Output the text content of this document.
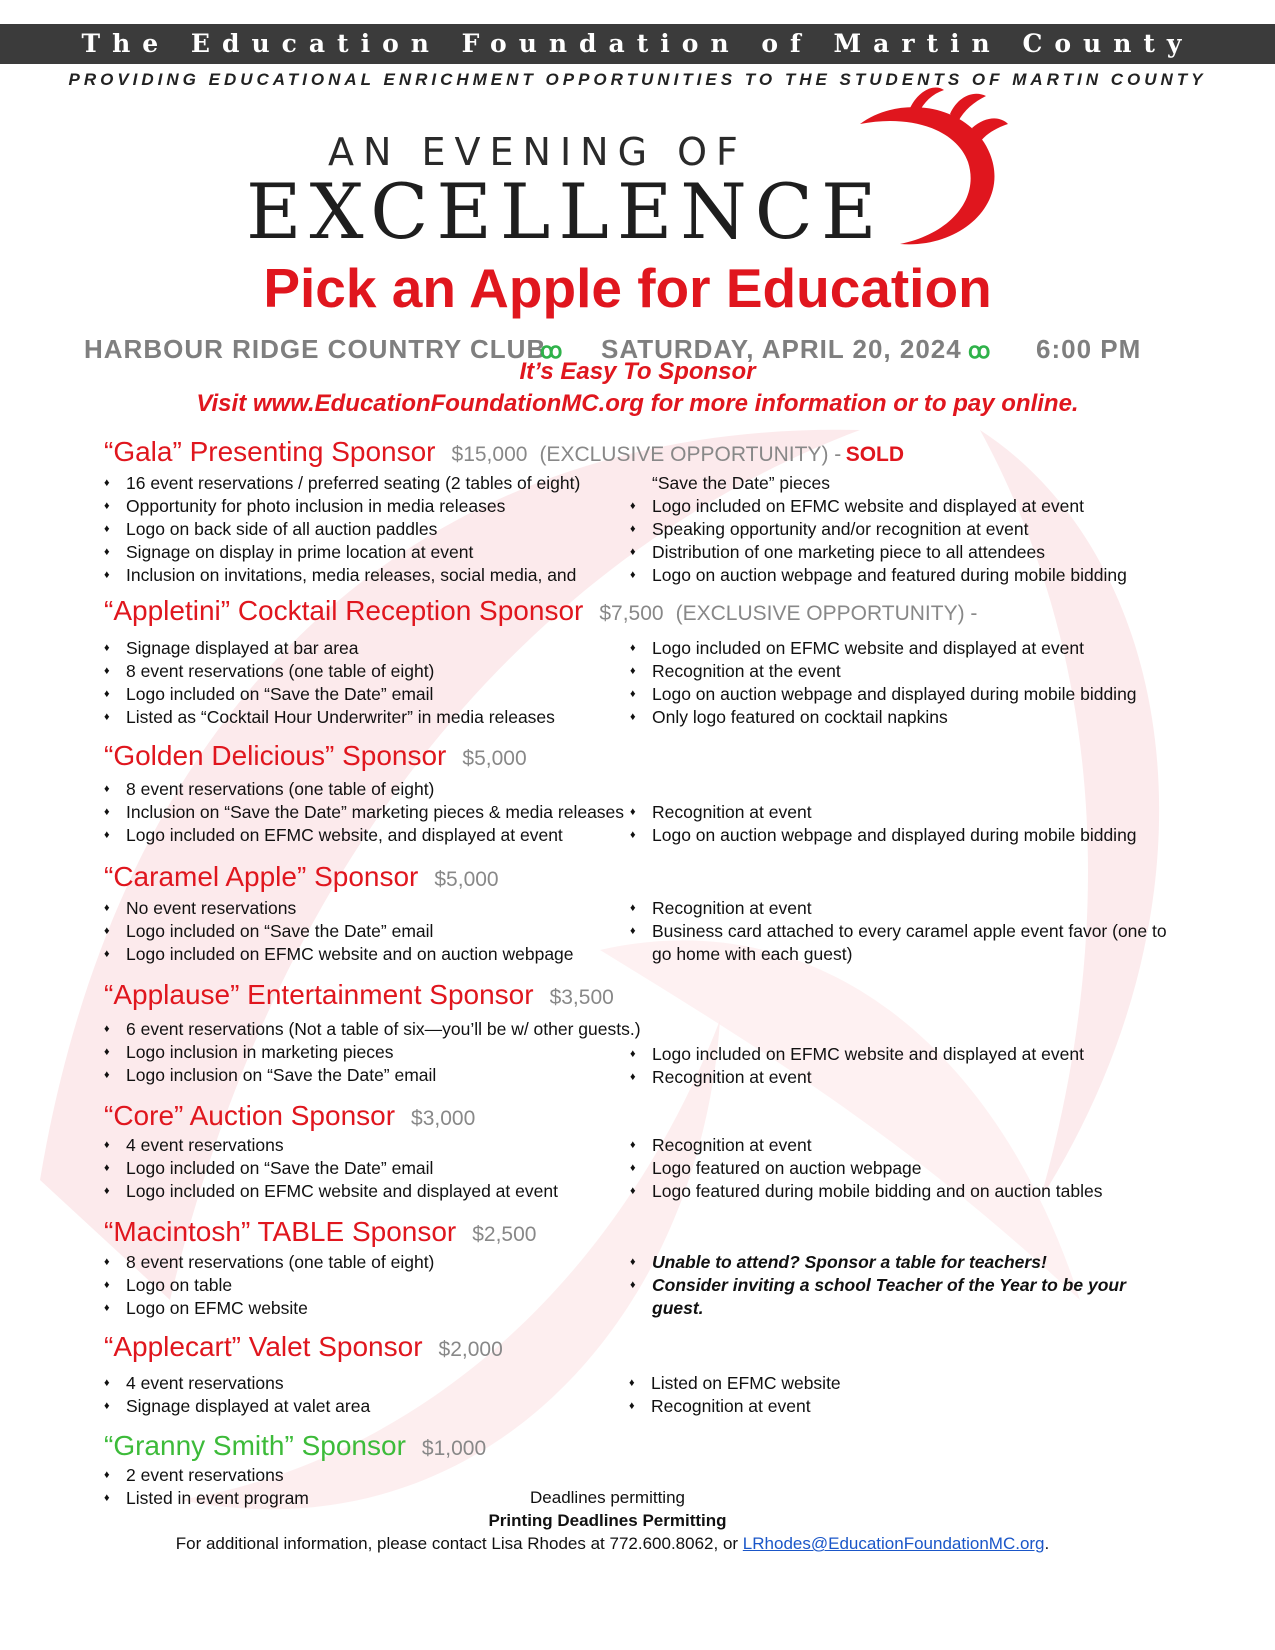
The Education Foundation of Martin County
PROVIDING EDUCATIONAL ENRICHMENT OPPORTUNITIES TO THE STUDENTS OF MARTIN COUNTY
AN EVENING OF
EXCELLENCE
Pick an Apple for Education
HARBOUR RIDGE COUNTRY CLUB
ꝏ SATURDAY, APRIL 20, 2024 ꝏ 6:00 PM
It’s Easy To Sponsor
Visit www.EducationFoundationMC.org for more information or to pay online.
“Gala” Presenting Sponsor $15,000 (EXCLUSIVE OPPORTUNITY) - SOLD
♦ 16 event reservations / preferred seating (2 tables of eight)
♦ Opportunity for photo inclusion in media releases
♦ Logo on back side of all auction paddles
♦ Signage on display in prime location at event
♦ Inclusion on invitations, media releases, social media, and
“Save the Date” pieces
♦ Logo included on EFMC website and displayed at event
♦ Speaking opportunity and/or recognition at event
♦ Distribution of one marketing piece to all attendees
♦ Logo on auction webpage and featured during mobile bidding
“Appletini” Cocktail Reception Sponsor $7,500 (EXCLUSIVE OPPORTUNITY) -
♦ Signage displayed at bar area
♦ 8 event reservations (one table of eight)
♦ Logo included on “Save the Date” email
♦ Listed as “Cocktail Hour Underwriter” in media releases
♦ Logo included on EFMC website and displayed at event
♦ Recognition at the event
♦ Logo on auction webpage and displayed during mobile bidding
♦ Only logo featured on cocktail napkins
“Golden Delicious” Sponsor $5,000
♦ 8 event reservations (one table of eight)
♦ Inclusion on “Save the Date” marketing pieces & media releases
♦ Logo included on EFMC website, and displayed at event
♦ Recognition at event
♦ Logo on auction webpage and displayed during mobile bidding
“Caramel Apple” Sponsor $5,000
♦ No event reservations
♦ Logo included on “Save the Date” email
♦ Logo included on EFMC website and on auction webpage
♦ Recognition at event
♦ Business card attached to every caramel apple event favor (one to
go home with each guest)
“Applause” Entertainment Sponsor $3,500
♦ 6 event reservations (Not a table of six—you’ll be w/ other guests.)
♦ Logo inclusion in marketing pieces
♦ Logo inclusion on “Save the Date” email
♦ Logo included on EFMC website and displayed at event
♦ Recognition at event
“Core” Auction Sponsor $3,000
♦ 4 event reservations
♦ Logo included on “Save the Date” email
♦ Logo included on EFMC website and displayed at event
♦ Recognition at event
♦ Logo featured on auction webpage
♦ Logo featured during mobile bidding and on auction tables
“Macintosh” TABLE Sponsor $2,500
♦ 8 event reservations (one table of eight)
♦ Logo on table
♦ Logo on EFMC website
♦ Unable to attend? Sponsor a table for teachers!
♦ Consider inviting a school Teacher of the Year to be your
guest.
“Applecart” Valet Sponsor $2,000
♦ 4 event reservations
♦ Signage displayed at valet area
♦ Listed on EFMC website
♦ Recognition at event
“Granny Smith” Sponsor $1,000
♦ 2 event reservations
♦ Listed in event program	Deadlines permitting
Printing Deadlines Permitting
For additional information, please contact Lisa Rhodes at 772.600.8062, or LRhodes@EducationFoundationMC.org.
